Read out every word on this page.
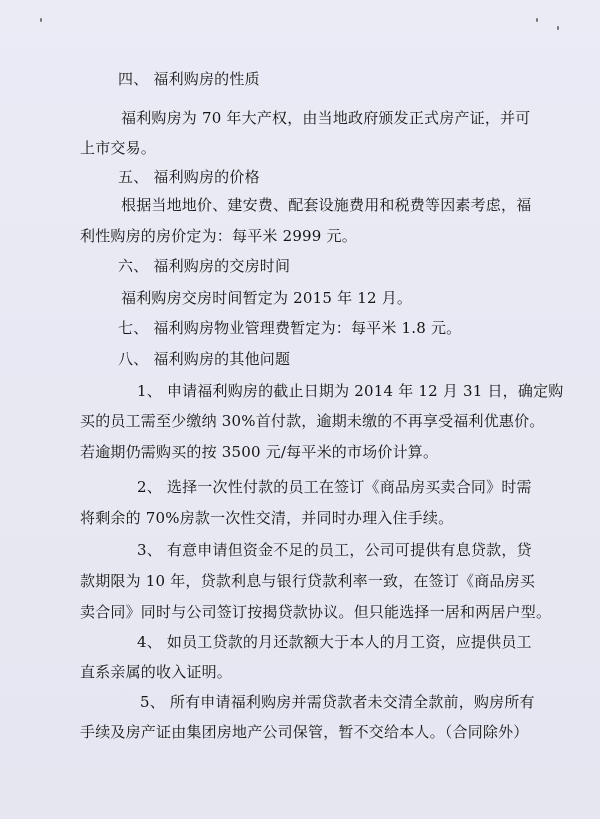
四、 福利购房的性质
福利购房为 70 年大产权，由当地政府颁发正式房产证，并可
上市交易。
五、 福利购房的价格
根据当地地价、建安费、配套设施费用和税费等因素考虑，福
利性购房的房价定为：每平米 2999 元。
六、 福利购房的交房时间
福利购房交房时间暂定为 2015 年 12 月。
七、 福利购房物业管理费暂定为：每平米 1.8 元。
八、 福利购房的其他问题
1、 申请福利购房的截止日期为 2014 年 12 月 31 日，确定购
买的员工需至少缴纳 30%首付款，逾期未缴的不再享受福利优惠价。
若逾期仍需购买的按 3500 元/每平米的市场价计算。
2、 选择一次性付款的员工在签订《商品房买卖合同》时需
将剩余的 70%房款一次性交清，并同时办理入住手续。
3、 有意申请但资金不足的员工，公司可提供有息贷款，贷
款期限为 10 年，贷款利息与银行贷款利率一致，在签订《商品房买
卖合同》同时与公司签订按揭贷款协议。但只能选择一居和两居户型。
4、 如员工贷款的月还款额大于本人的月工资，应提供员工
直系亲属的收入证明。
5、 所有申请福利购房并需贷款者未交清全款前，购房所有
手续及房产证由集团房地产公司保管，暂不交给本人。（合同除外）
